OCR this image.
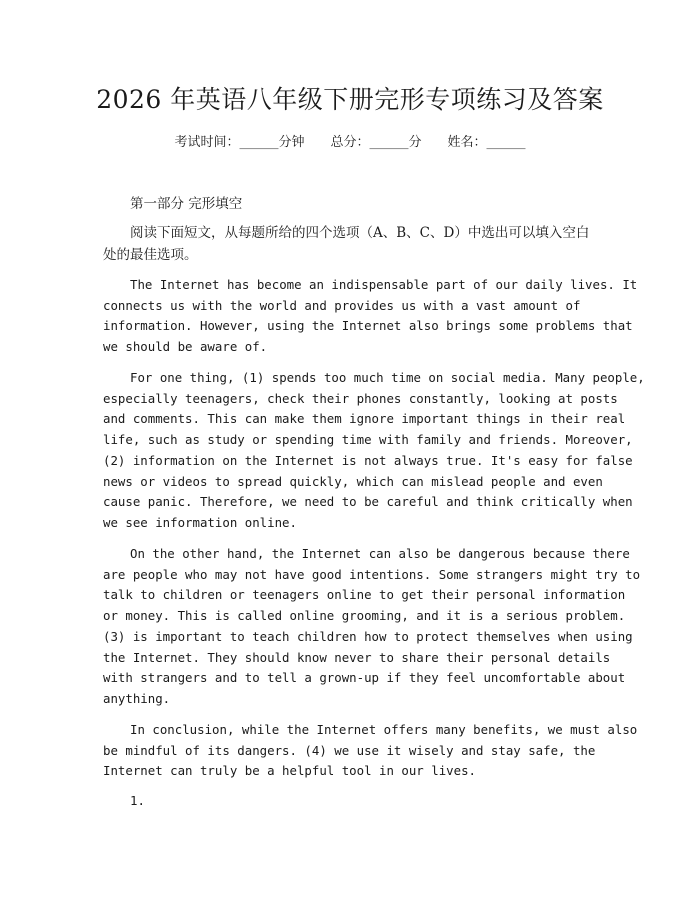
2026 年英语八年级下册完形专项练习及答案
考试时间：______分钟 总分：______分 姓名：______

第一部分 完形填空

阅读下面短文，从每题所给的四个选项（A、B、C、D）中选出可以填入空白处的最佳选项。

The Internet has become an indispensable part of our daily lives. It
connects us with the world and provides us with a vast amount of
information. However, using the Internet also brings some problems that
we should be aware of.
For one thing, (1) spends too much time on social media. Many people,
especially teenagers, check their phones constantly, looking at posts
and comments. This can make them ignore important things in their real
life, such as study or spending time with family and friends. Moreover,
(2) information on the Internet is not always true. It's easy for false
news or videos to spread quickly, which can mislead people and even
cause panic. Therefore, we need to be careful and think critically when
we see information online.
On the other hand, the Internet can also be dangerous because there
are people who may not have good intentions. Some strangers might try to
talk to children or teenagers online to get their personal information
or money. This is called online grooming, and it is a serious problem.
(3) is important to teach children how to protect themselves when using
the Internet. They should know never to share their personal details
with strangers and to tell a grown-up if they feel uncomfortable about
anything.
In conclusion, while the Internet offers many benefits, we must also
be mindful of its dangers. (4) we use it wisely and stay safe, the
Internet can truly be a helpful tool in our lives.

1.
